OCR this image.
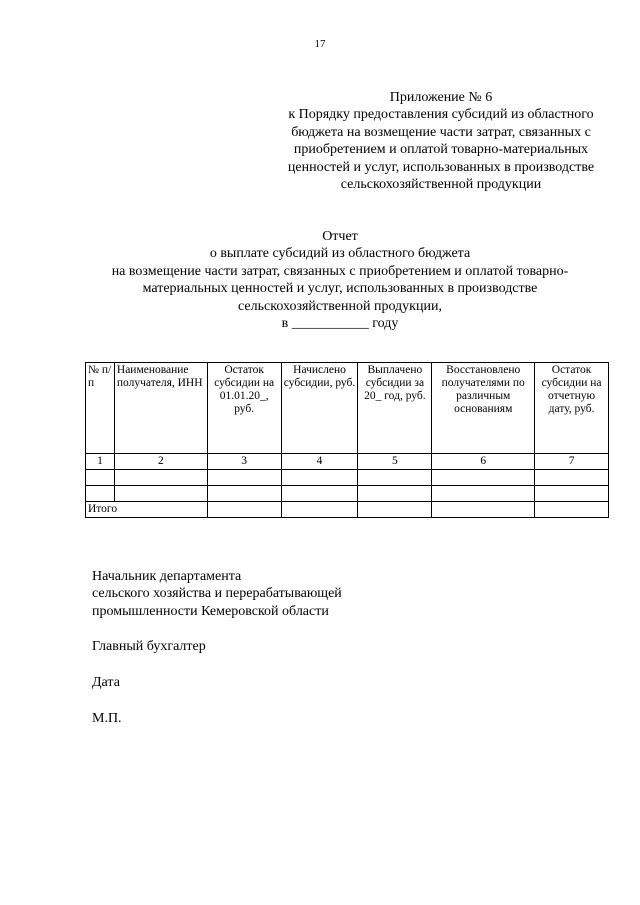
17
Приложение № 6
к Порядку предоставления субсидий из областного
бюджета на возмещение части затрат, связанных с
приобретением и оплатой товарно-материальных
ценностей и услуг, использованных в производстве
сельскохозяйственной продукции
Отчет
о выплате субсидий из областного бюджета
на возмещение части затрат, связанных с приобретением и оплатой товарно-
материальных ценностей и услуг, использованных в производстве
сельскохозяйственной продукции,
в ___________ году
№ п/п	Наименование получателя, ИНН	Остаток субсидии на 01.01.20_, руб.	Начислено субсидии, руб.	Выплачено субсидии за 20_ год, руб.	Восстановлено получателями по различным основаниям	Остаток субсидии на отчетную дату, руб.
1	2	3	4	5	6	7

Итого						
Начальник департамента
сельского хозяйства и перерабатывающей
промышленности Кемеровской области
Главный бухгалтер
Дата
М.П.
